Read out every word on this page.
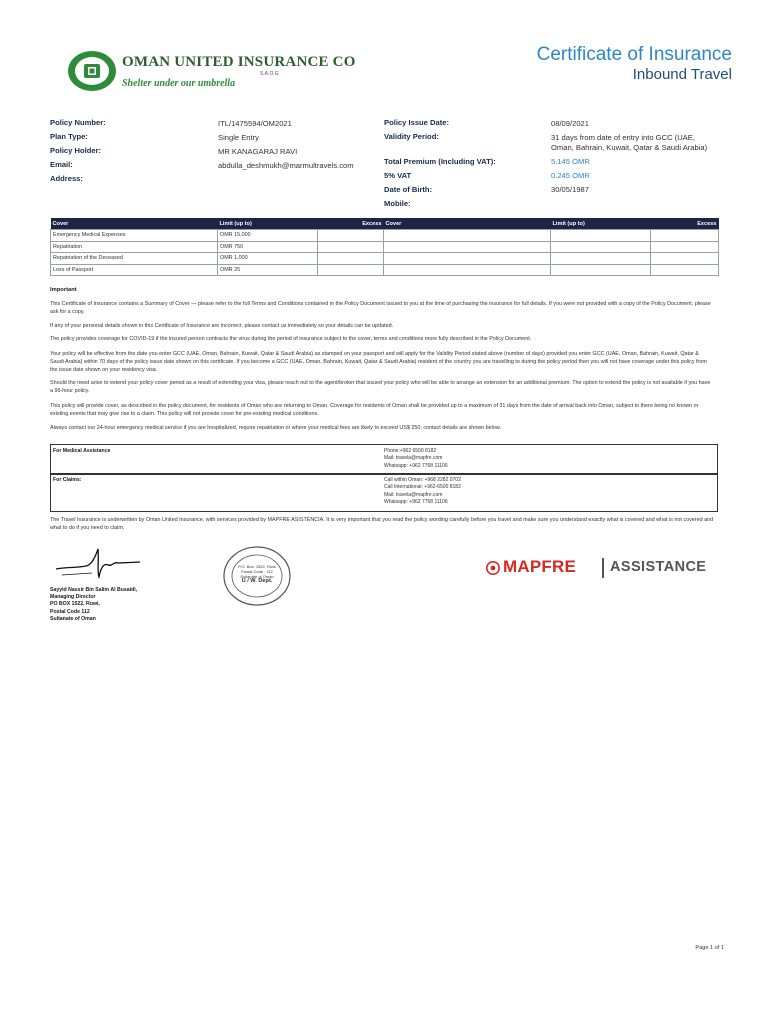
OMAN UNITED INSURANCE CO
S.A.O.G
Shelter under our umbrella
Certificate of Insurance
Inbound Travel
Policy Number:	ITL/1475594/OM2021
Plan Type:	Single Entry
Policy Holder:	MR KANAGARAJ RAVI
Email:	abdulla_deshmukh@marmultravels.com
Address:
Policy Issue Date:	08/09/2021
Validity Period:	31 days from date of entry into GCC (UAE,
Oman, Bahrain, Kuwait, Qatar & Saudi Arabia)
Total Premium (Including VAT):	5.145 OMR
5% VAT	0.245 OMR
Date of Birth:	30/05/1987
Mobile:
Cover	Limit (up to)	Excess	Cover	Limit (up to)	Excess
Emergency Medical Expenses	OMR 15,000				
Repatriation	OMR 750				
Repatriation of the Deceased	OMR 1,000				
Loss of Passport	OMR 25				
Important
This Certificate of Insurance contains a Summary of Cover — please refer to the full Terms and Conditions contained in the Policy Document issued to you at the time of purchasing the insurance for full details. If you were not provided with a copy of the Policy Document, please ask for a copy.
If any of your personal details shown in this Certificate of Insurance are incorrect, please contact us immediately so your details can be updated.
The policy provides coverage for COVID-19 if the insured person contracts the virus during the period of insurance subject to the cover, terms and conditions more fully described in the Policy Document.
Your policy will be effective from the date you enter GCC (UAE, Oman, Bahrain, Kuwait, Qatar & Saudi Arabia) as stamped on your passport and will apply for the Validity Period stated above (number of days) provided you enter GCC (UAE, Oman, Bahrain, Kuwait, Qatar & Saudi Arabia) within 70 days of the policy issue date shown on this certificate. If you become a GCC (UAE, Oman, Bahrain, Kuwait, Qatar & Saudi Arabia) resident of the country you are travelling to during the policy period then you will not have coverage under this policy from the issue date shown on your residency visa.
Should the need arise to extend your policy cover period as a result of extending your visa, please reach out to the agent/broker that issued your policy who will be able to arrange an extension for an additional premium. The option to extend the policy is not available if you have a 96-hour policy.
This policy will provide cover, as described in the policy document, for residents of Oman who are returning to Oman. Coverage for residents of Oman shall be provided up to a maximum of 31 days from the date of arrival back into Oman, subject to there being no known or existing events that may give rise to a claim. This policy will not provide cover for pre-existing medical conditions.
Always contact our 24-hour emergency medical service if you are hospitalized, require repatriation or where your medical fees are likely to exceed US$ 250; contact details are shown below.
For Medical Assistance	Phone:+962 6500 8182
Mail: travela@mapfre.com
Whatsapp: +962 7768 11106
For Claims:	Call within Oman: +968 2282 0702
Call International: +962-6500 8182
Mail: travela@mapfre.com
Whatsapp: +962 7768 11106
The Travel Insurance is underwritten by Oman United Insurance, with services provided by MAPFRE ASISTENCIA. It is very important that you read the policy wording carefully before you travel and make sure you understand exactly what is covered and what is not covered and what to do if you need to claim.
Sayyid Nassir Bin Salim Al Busaidi,
Managing Director
PO BOX 1522, Ruwi,
Postal Code 112
Sultanate of Oman
P.O. Box: 1522, Ruwi
Postal Code : 112
Sultanate of Oman
U / W. Dept.
MAPFRE ASSISTANCE
Page 1 of 1
